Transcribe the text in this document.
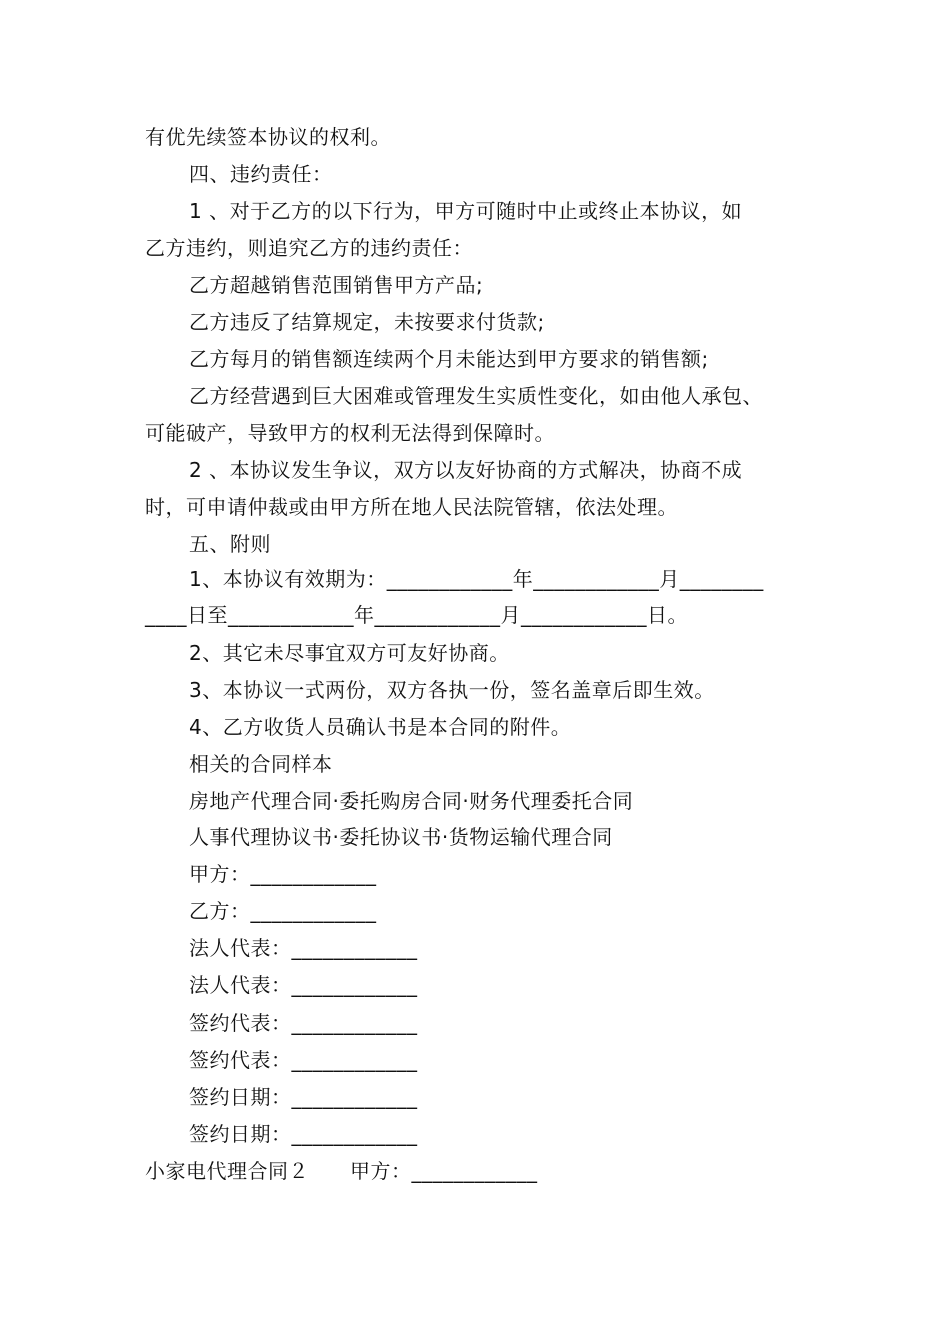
有优先续签本协议的权利。
四、违约责任：
1 、对于乙方的以下行为，甲方可随时中止或终止本协议，如
乙方违约，则追究乙方的违约责任：
乙方超越销售范围销售甲方产品;
乙方违反了结算规定，未按要求付货款;
乙方每月的销售额连续两个月未能达到甲方要求的销售额;
乙方经营遇到巨大困难或管理发生实质性变化，如由他人承包、
可能破产，导致甲方的权利无法得到保障时。
2 、本协议发生争议，双方以友好协商的方式解决，协商不成
时，可申请仲裁或由甲方所在地人民法院管辖，依法处理。
五、附则
1、本协议有效期为：____________年____________月________
____日至____________年____________月____________日。
2、其它未尽事宜双方可友好协商。
3、本协议一式两份，双方各执一份，签名盖章后即生效。
4、乙方收货人员确认书是本合同的附件。
相关的合同样本
房地产代理合同·委托购房合同·财务代理委托合同
人事代理协议书·委托协议书·货物运输代理合同
甲方：____________
乙方：____________
法人代表：____________
法人代表：____________
签约代表：____________
签约代表：____________
签约日期：____________
签约日期：____________
小家电代理合同２　　甲方：____________
